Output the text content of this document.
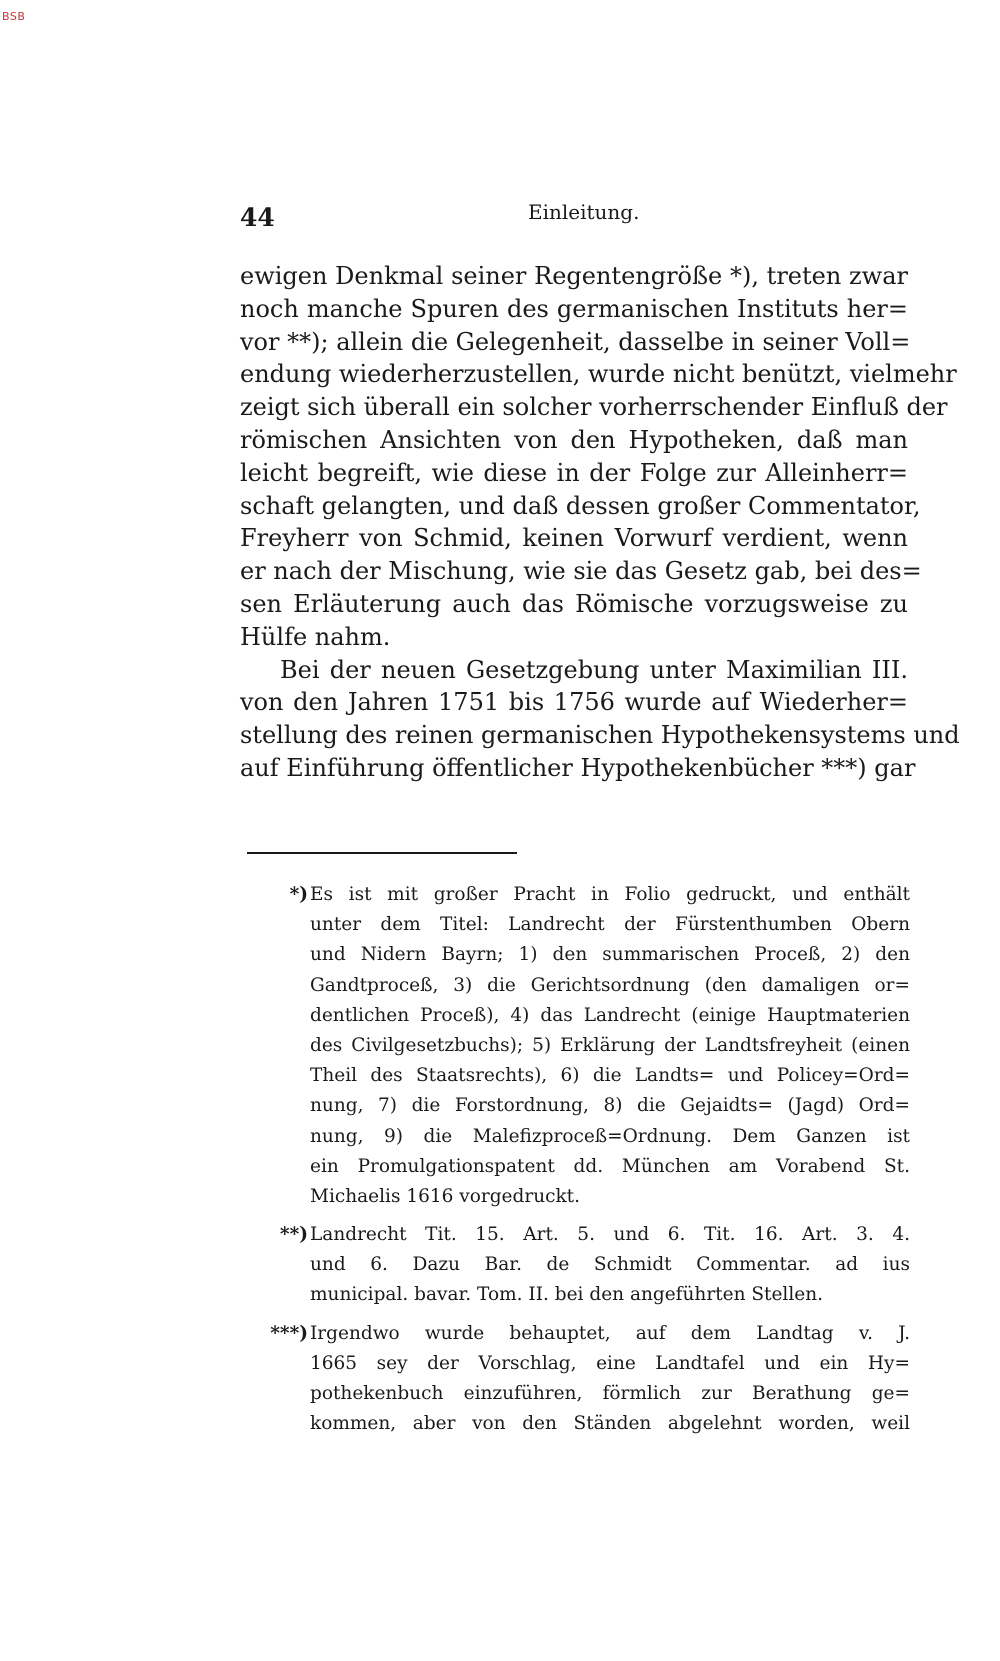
BSB
44	Einleitung.
ewigen Denkmal seiner Regentengröße *), treten zwar
noch manche Spuren des germanischen Instituts her=
vor **); allein die Gelegenheit, dasselbe in seiner Voll=
endung wiederherzustellen, wurde nicht benützt, vielmehr
zeigt sich überall ein solcher vorherrschender Einfluß der
römischen Ansichten von den Hypotheken, daß man
leicht begreift, wie diese in der Folge zur Alleinherr=
schaft gelangten, und daß dessen großer Commentator,
Freyherr von Schmid, keinen Vorwurf verdient, wenn
er nach der Mischung, wie sie das Gesetz gab, bei des=
sen Erläuterung auch das Römische vorzugsweise zu
Hülfe nahm.
Bei der neuen Gesetzgebung unter Maximilian III.
von den Jahren 1751 bis 1756 wurde auf Wiederher=
stellung des reinen germanischen Hypothekensystems und
auf Einführung öffentlicher Hypothekenbücher ***) gar
*) Es ist mit großer Pracht in Folio gedruckt, und enthält
unter dem Titel: Landrecht der Fürstenthumben Obern
und Nidern Bayrn; 1) den summarischen Proceß, 2) den
Gandtproceß, 3) die Gerichtsordnung (den damaligen or=
dentlichen Proceß), 4) das Landrecht (einige Hauptmaterien
des Civilgesetzbuchs); 5) Erklärung der Landtsfreyheit (einen
Theil des Staatsrechts), 6) die Landts= und Policey=Ord=
nung, 7) die Forstordnung, 8) die Gejaidts= (Jagd) Ord=
nung, 9) die Malefizproceß=Ordnung. Dem Ganzen ist
ein Promulgationspatent dd. München am Vorabend St.
Michaelis 1616 vorgedruckt.
**) Landrecht Tit. 15. Art. 5. und 6. Tit. 16. Art. 3. 4.
und 6. Dazu Bar. de Schmidt Commentar. ad ius
municipal. bavar. Tom. II. bei den angeführten Stellen.
***) Irgendwo wurde behauptet, auf dem Landtag v. J.
1665 sey der Vorschlag, eine Landtafel und ein Hy=
pothekenbuch einzuführen, förmlich zur Berathung ge=
kommen, aber von den Ständen abgelehnt worden, weil
